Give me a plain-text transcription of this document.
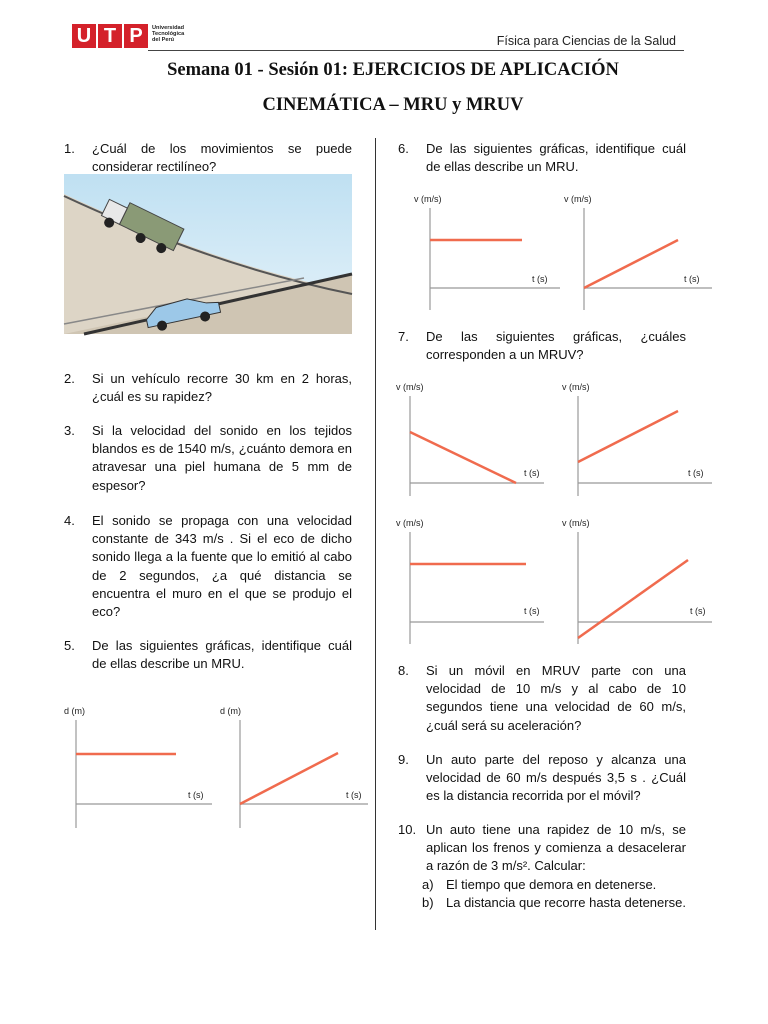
U T P	Universidad
Tecnológica
del Perú	Física para Ciencias de la Salud
Semana 01 - Sesión 01: EJERCICIOS DE APLICACIÓN
CINEMÁTICA – MRU y MRUV
1. ¿Cuál de los movimientos se puede considerar rectilíneo?
2. Si un vehículo recorre 30 km en 2 horas, ¿cuál es su rapidez?
3. Si la velocidad del sonido en los tejidos blandos es de 1540 m/s, ¿cuánto demora en atravesar una piel humana de 5 mm de espesor?
4. El sonido se propaga con una velocidad constante de 343 m/s . Si el eco de dicho sonido llega a la fuente que lo emitió al cabo de 2 segundos, ¿a qué distancia se encuentra el muro en el que se produjo el eco?
5. De las siguientes gráficas, identifique cuál de ellas describe un MRU.
d (m)
t (s)
d (m)
t (s)
6. De las siguientes gráficas, identifique cuál de ellas describe un MRU.
v (m/s)
t (s)
v (m/s)
t (s)
7. De las siguientes gráficas, ¿cuáles corresponden a un MRUV?
v (m/s)
t (s)
v (m/s)
t (s)
v (m/s)
t (s)
v (m/s)
t (s)
8. Si un móvil en MRUV parte con una velocidad de 10 m/s y al cabo de 10 segundos tiene una velocidad de 60 m/s, ¿cuál será su aceleración?
9. Un auto parte del reposo y alcanza una velocidad de 60 m/s después 3,5 s . ¿Cuál es la distancia recorrida por el móvil?
10. Un auto tiene una rapidez de 10 m/s, se aplican los frenos y comienza a desacelerar a razón de 3 m/s². Calcular:
a) El tiempo que demora en detenerse.
b) La distancia que recorre hasta detenerse.
